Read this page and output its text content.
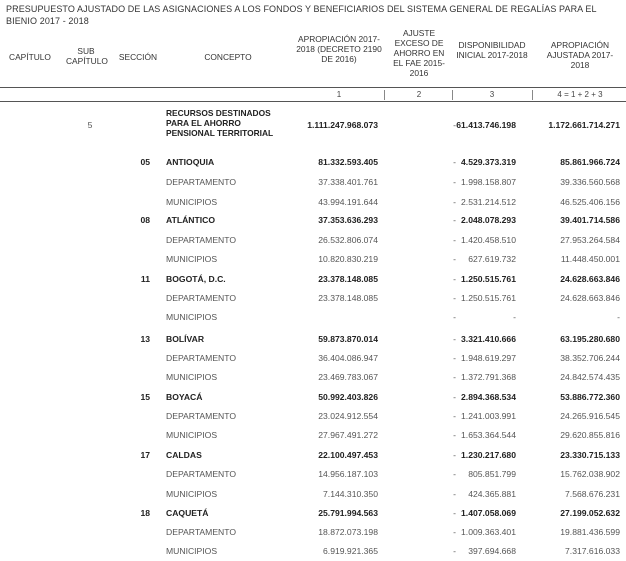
PRESUPUESTO AJUSTADO DE LAS ASIGNACIONES A LOS FONDOS Y BENEFICIARIOS DEL SISTEMA GENERAL DE REGALÍAS PARA EL BIENIO 2017 - 2018
CAPÍTULO
SUB CAPÍTULO	SECCIÓN	CONCEPTO
APROPIACIÓN 2017-2018 (DECRETO 2190 DE 2016)
AJUSTE EXCESO DE AHORRO EN EL FAE 2015-2016
DISPONIBILIDAD INICIAL 2017-2018
APROPIACIÓN AJUSTADA 2017-2018
1	2	3	4 = 1 + 2 + 3
5
RECURSOS DESTINADOS PARA EL AHORRO PENSIONAL TERRITORIAL
1.111.247.968.073	- 61.413.746.198	1.172.661.714.271
05 ANTIOQUIA	81.332.593.405	- 4.529.373.319	85.861.966.724
DEPARTAMENTO	37.338.401.761	- 1.998.158.807	39.336.560.568
MUNICIPIOS	43.994.191.644	- 2.531.214.512	46.525.406.156
08 ATLÁNTICO	37.353.636.293	- 2.048.078.293	39.401.714.586
DEPARTAMENTO	26.532.806.074	- 1.420.458.510	27.953.264.584
MUNICIPIOS	10.820.830.219	-	627.619.732	11.448.450.001
11 BOGOTÁ, D.C.	23.378.148.085	- 1.250.515.761	24.628.663.846
DEPARTAMENTO	23.378.148.085	- 1.250.515.761	24.628.663.846
MUNICIPIOS	-	-	-
13 BOLÍVAR	59.873.870.014	- 3.321.410.666	63.195.280.680
DEPARTAMENTO	36.404.086.947	- 1.948.619.297	38.352.706.244
MUNICIPIOS	23.469.783.067	- 1.372.791.368	24.842.574.435
15 BOYACÁ	50.992.403.826	- 2.894.368.534	53.886.772.360
DEPARTAMENTO	23.024.912.554	- 1.241.003.991	24.265.916.545
MUNICIPIOS	27.967.491.272	- 1.653.364.544	29.620.855.816
17 CALDAS	22.100.497.453	- 1.230.217.680	23.330.715.133
DEPARTAMENTO	14.956.187.103	-	805.851.799	15.762.038.902
MUNICIPIOS	7.144.310.350	-	424.365.881	7.568.676.231
18 CAQUETÁ	25.791.994.563	- 1.407.058.069	27.199.052.632
DEPARTAMENTO	18.872.073.198	- 1.009.363.401	19.881.436.599
MUNICIPIOS	6.919.921.365	-	397.694.668	7.317.616.033
